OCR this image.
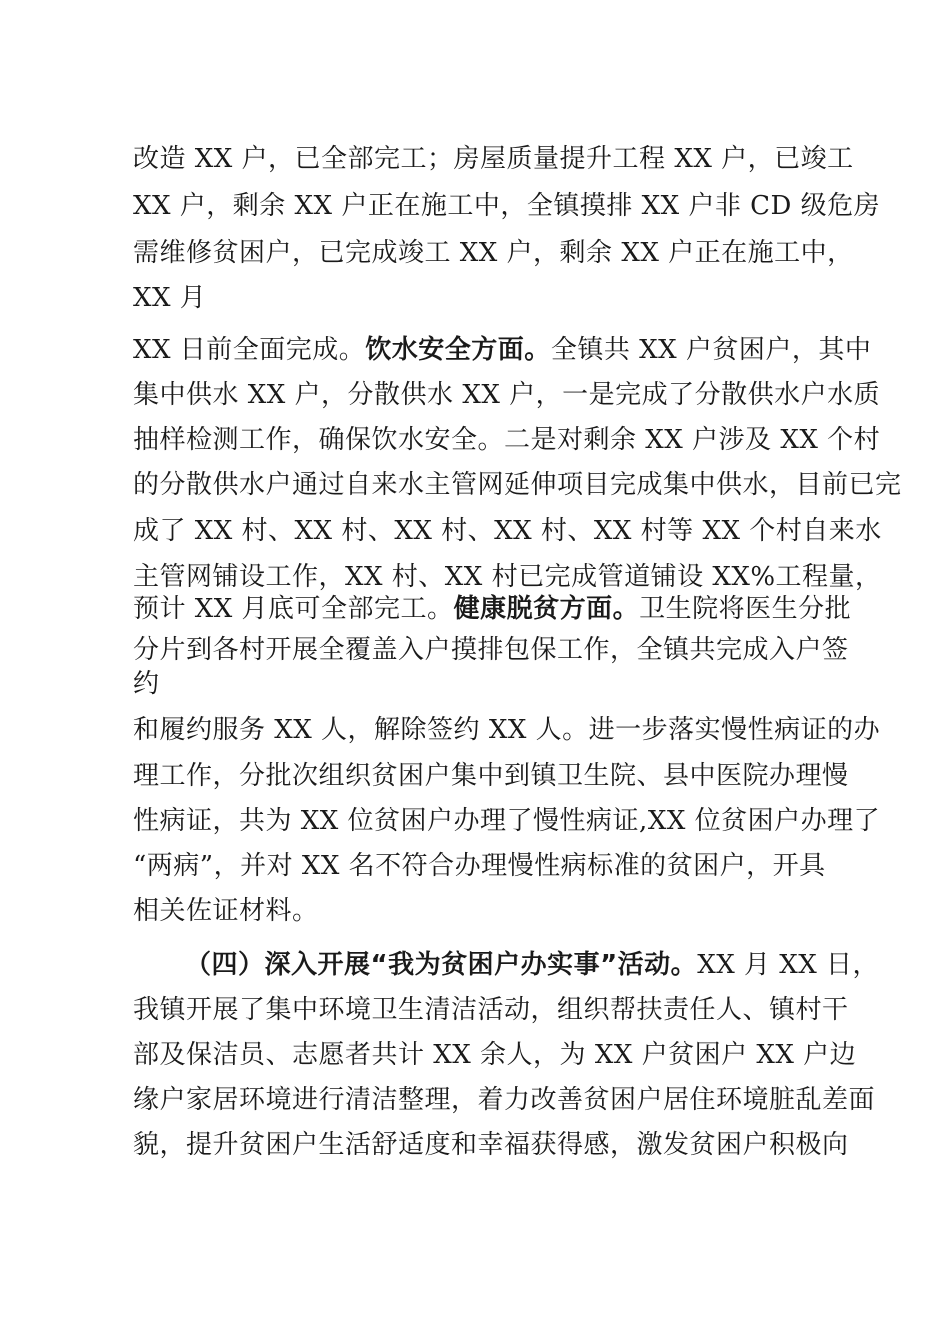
改造 XX 户，已全部完工；房屋质量提升工程 XX 户，已竣工
XX 户，剩余 XX 户正在施工中，全镇摸排 XX 户非 CD 级危房
需维修贫困户，已完成竣工 XX 户，剩余 XX 户正在施工中，
XX 月
XX 日前全面完成。饮水安全方面。全镇共 XX 户贫困户，其中
集中供水 XX 户，分散供水 XX 户，一是完成了分散供水户水质
抽样检测工作，确保饮水安全。二是对剩余 XX 户涉及 XX 个村
的分散供水户通过自来水主管网延伸项目完成集中供水，目前已完
成了 XX 村、XX 村、XX 村、XX 村、XX 村等 XX 个村自来水
主管网铺设工作，XX 村、XX 村已完成管道铺设 XX%工程量，
预计 XX 月底可全部完工。健康脱贫方面。卫生院将医生分批
分片到各村开展全覆盖入户摸排包保工作，全镇共完成入户签
约
和履约服务 XX 人，解除签约 XX 人。进一步落实慢性病证的办
理工作，分批次组织贫困户集中到镇卫生院、县中医院办理慢
性病证，共为 XX 位贫困户办理了慢性病证,XX 位贫困户办理了
“两病”，并对 XX 名不符合办理慢性病标准的贫困户，开具
相关佐证材料。
（四）深入开展“我为贫困户办实事”活动。XX 月 XX 日，
我镇开展了集中环境卫生清洁活动，组织帮扶责任人、镇村干
部及保洁员、志愿者共计 XX 余人，为 XX 户贫困户 XX 户边
缘户家居环境进行清洁整理，着力改善贫困户居住环境脏乱差面
貌，提升贫困户生活舒适度和幸福获得感，激发贫困户积极向
